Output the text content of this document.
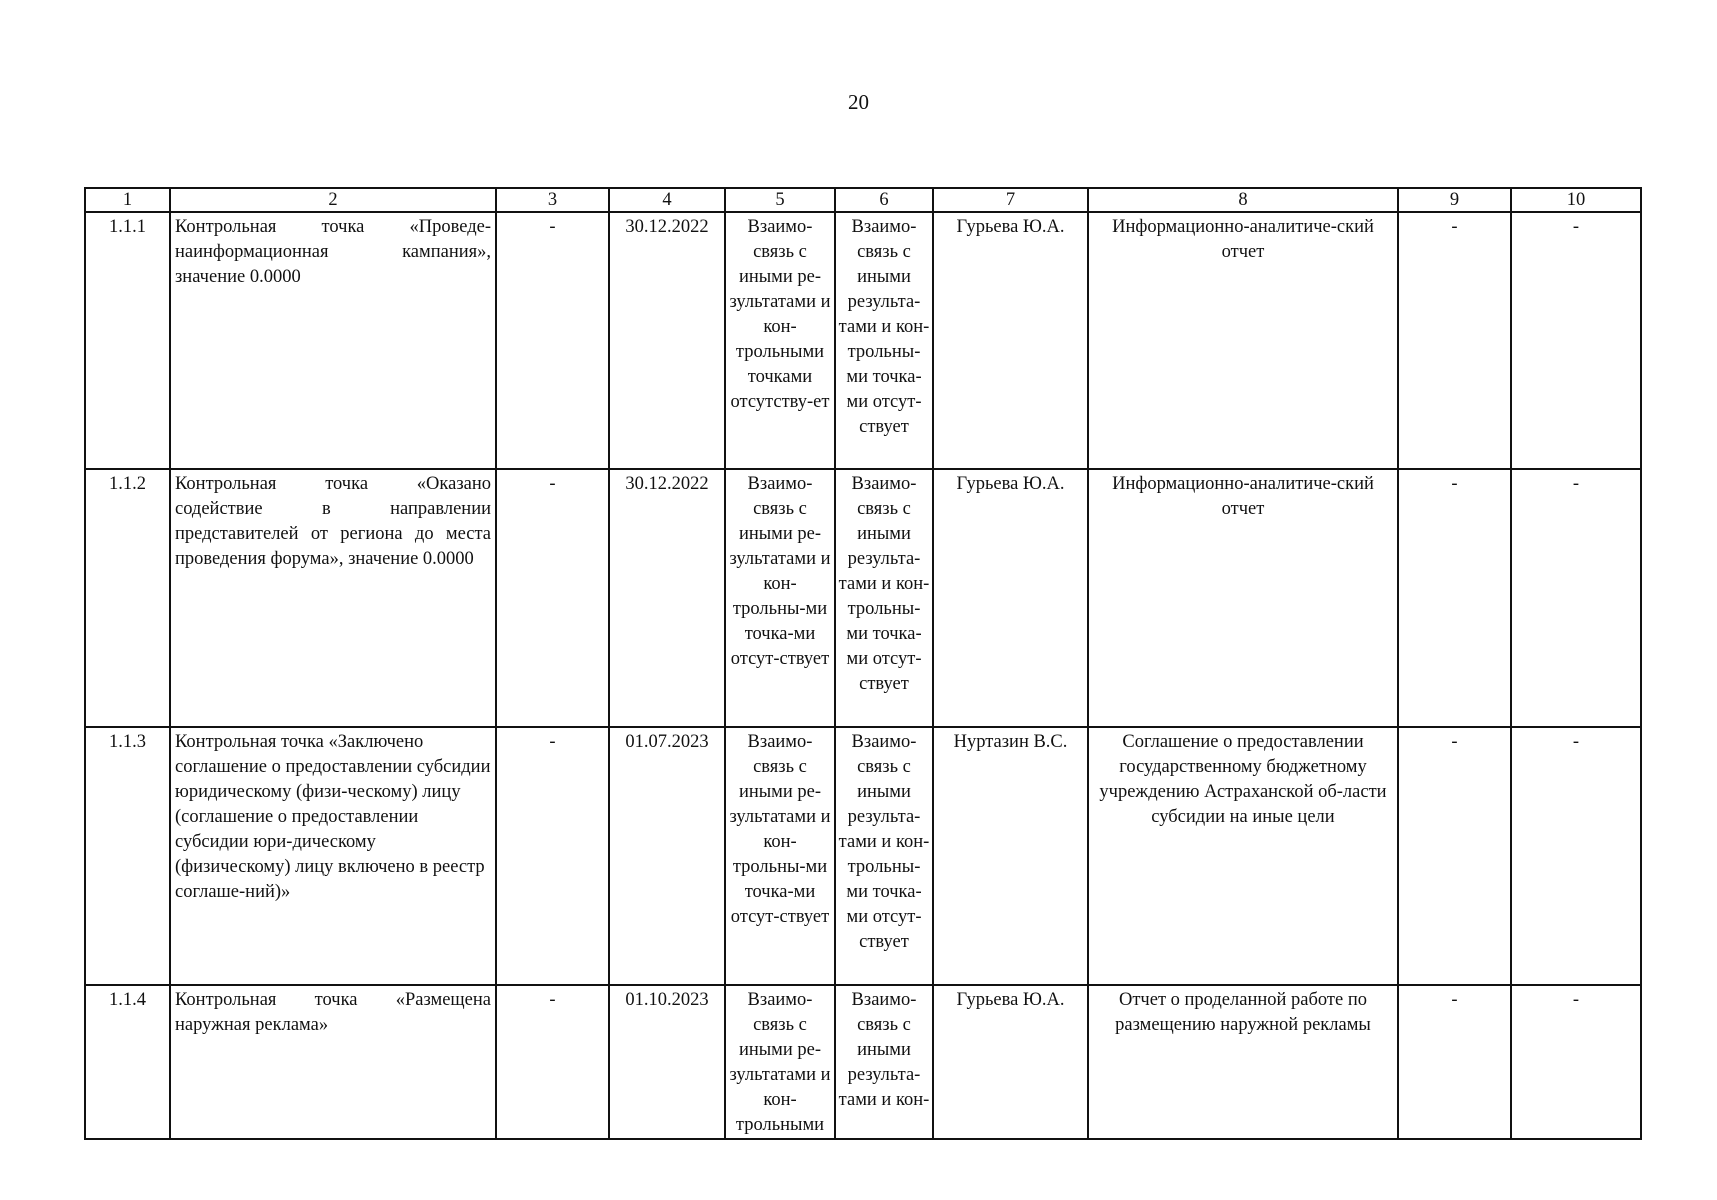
20
1	2	3	4	5	6	7	8	9	10
1.1.1	Контрольная точка «Проведе-наинформационная кампания», значение 0.0000	-	30.12.2022	Взаимо-связь с иными ре-зультатами и кон-трольными точками отсутству-ет	Взаимо-связь с иными результа-тами и кон-трольны-ми точка-ми отсут-ствует	Гурьева Ю.А.	Информационно-аналитиче-ский отчет	-	-
1.1.2	Контрольная точка «Оказано содействие в направлении представителей от региона до места проведения форума», значение 0.0000	-	30.12.2022	Взаимо-связь с иными ре-зультатами и кон-трольны-ми точка-ми отсут-ствует	Взаимо-связь с иными результа-тами и кон-трольны-ми точка-ми отсут-ствует	Гурьева Ю.А.	Информационно-аналитиче-ский отчет	-	-
1.1.3	Контрольная точка «Заключено соглашение о предоставлении субсидии юридическому (физи-ческому) лицу (соглашение о предоставлении субсидии юри-дическому (физическому) лицу включено в реестр соглаше-ний)»	-	01.07.2023	Взаимо-связь с иными ре-зультатами и кон-трольны-ми точка-ми отсут-ствует	Взаимо-связь с иными результа-тами и кон-трольны-ми точка-ми отсут-ствует	Нуртазин В.С.	Соглашение о предоставлении государственному бюджетному учреждению Астраханской об-ласти субсидии на иные цели	-	-
1.1.4	Контрольная точка «Размещена наружная реклама»	-	01.10.2023	Взаимо-связь с иными ре-зультатами и кон-трольными	Взаимо-связь с иными результа-тами и кон-	Гурьева Ю.А.	Отчет о проделанной работе по размещению наружной рекламы	-	-
